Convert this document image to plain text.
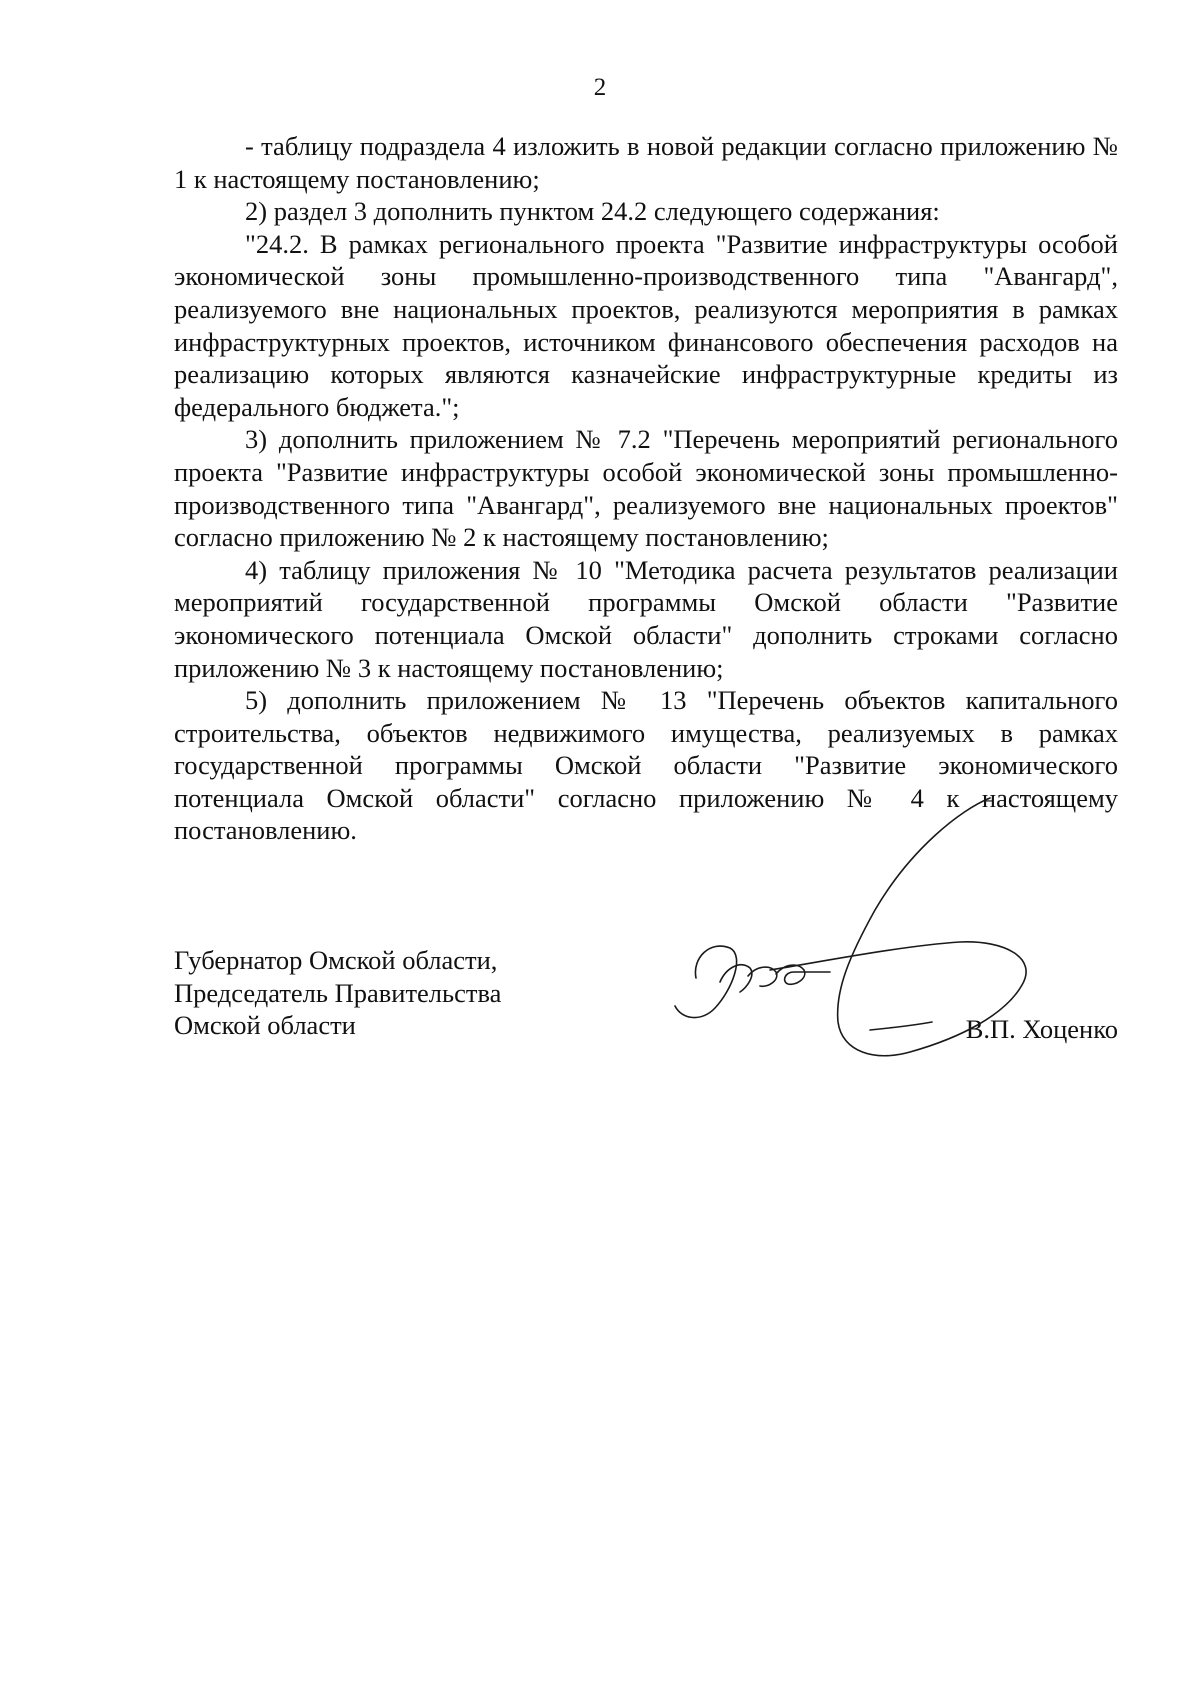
2

- таблицу подраздела 4 изложить в новой редакции согласно приложению № 1 к настоящему постановлению;

2) раздел 3 дополнить пунктом 24.2 следующего содержания:

"24.2. В рамках регионального проекта "Развитие инфраструктуры особой экономической зоны промышленно-производственного типа "Авангард", реализуемого вне национальных проектов, реализуются мероприятия в рамках инфраструктурных проектов, источником финансового обеспечения расходов на реализацию которых являются казначейские инфраструктурные кредиты из федерального бюджета.";

3) дополнить приложением № 7.2 "Перечень мероприятий регионального проекта "Развитие инфраструктуры особой экономической зоны промышленно-производственного типа "Авангард", реализуемого вне национальных проектов" согласно приложению № 2 к настоящему постановлению;

4) таблицу приложения № 10 "Методика расчета результатов реализации мероприятий государственной программы Омской области "Развитие экономического потенциала Омской области" дополнить строками согласно приложению № 3 к настоящему постановлению;

5) дополнить приложением № 13 "Перечень объектов капитального строительства, объектов недвижимого имущества, реализуемых в рамках государственной программы Омской области "Развитие экономического потенциала Омской области" согласно приложению № 4 к настоящему постановлению.

Губернатор Омской области,
Председатель Правительства
Омской области	В.П. Хоценко
